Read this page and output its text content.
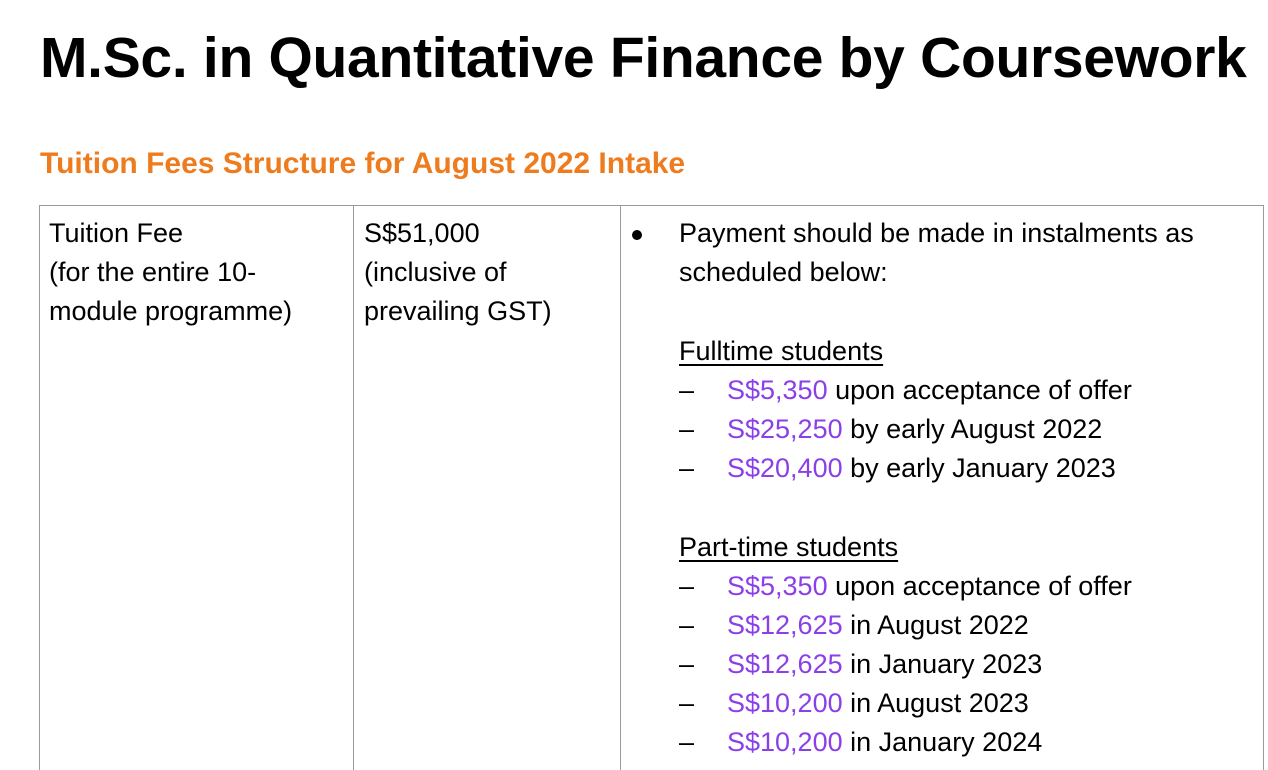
M.Sc. in Quantitative Finance by Coursework
Tuition Fees Structure for August 2022 Intake
Tuition Fee
(for the entire 10-
module programme)
S$51,000
(inclusive of
prevailing GST)
Payment should be made in instalments as
scheduled below:
Fulltime students
– S$5,350 upon acceptance of offer
– S$25,250 by early August 2022
– S$20,400 by early January 2023
Part-time students
– S$5,350 upon acceptance of offer
– S$12,625 in August 2022
– S$12,625 in January 2023
– S$10,200 in August 2023
– S$10,200 in January 2024
